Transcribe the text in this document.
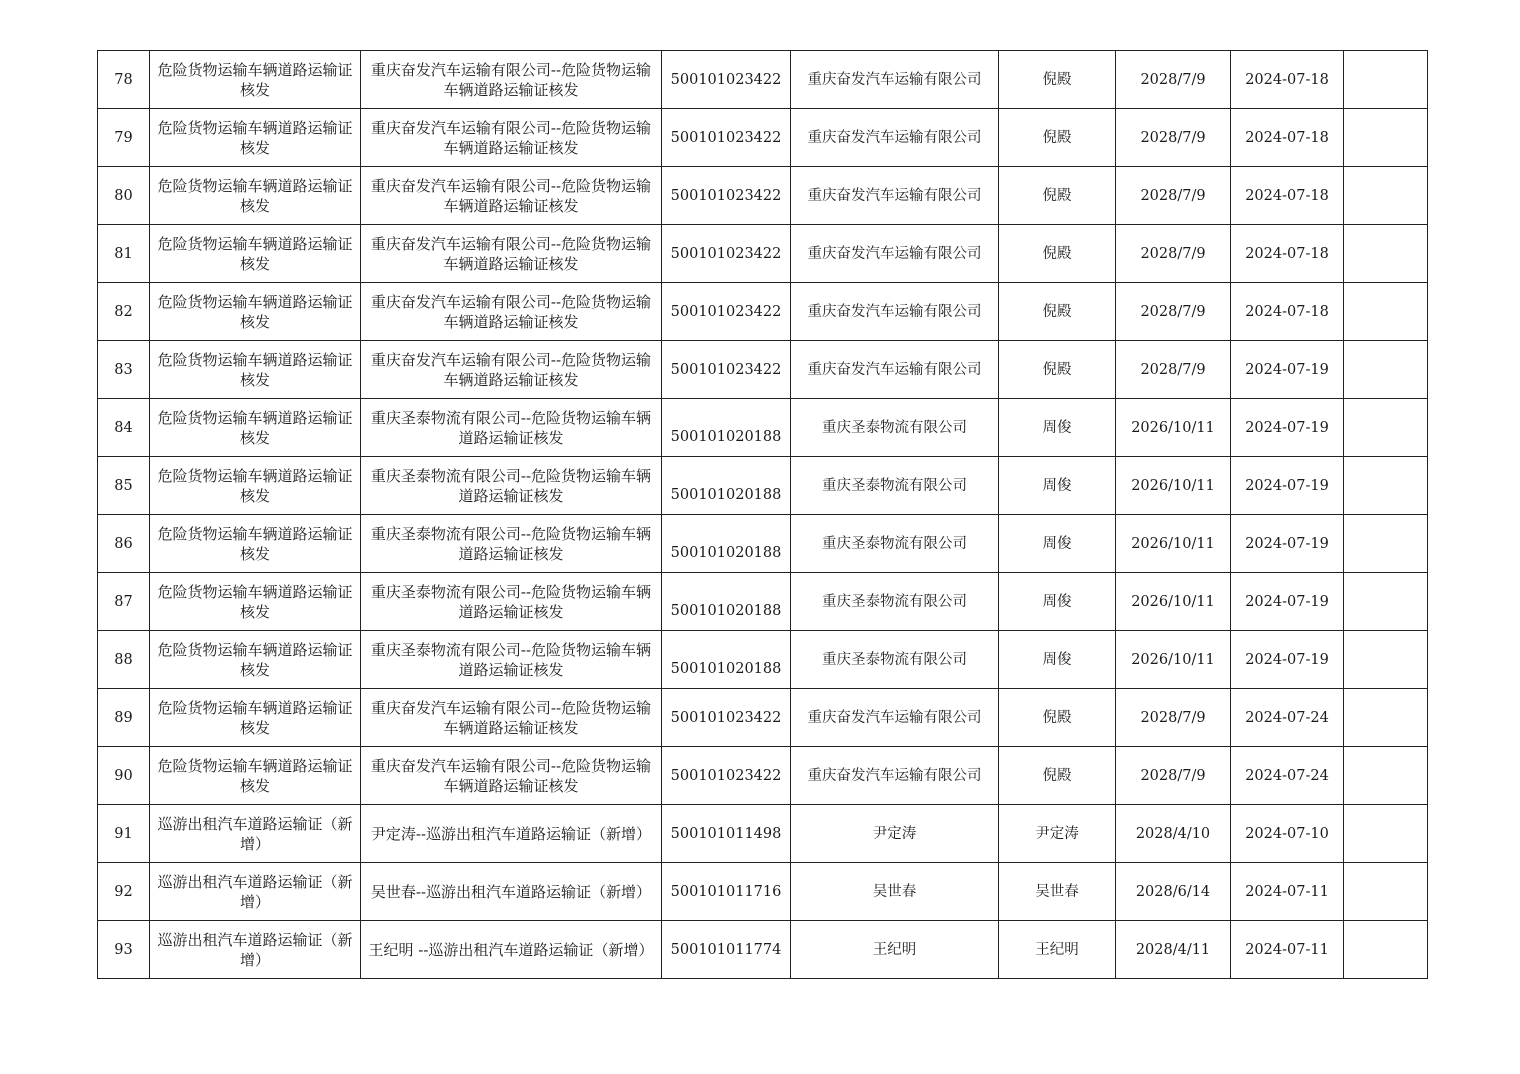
78	危险货物运输车辆道路运输证核发	重庆奋发汽车运输有限公司--危险货物运输车辆道路运输证核发	500101023422	重庆奋发汽车运输有限公司	倪殿	2028/7/9	2024-07-18	
79	危险货物运输车辆道路运输证核发	重庆奋发汽车运输有限公司--危险货物运输车辆道路运输证核发	500101023422	重庆奋发汽车运输有限公司	倪殿	2028/7/9	2024-07-18	
80	危险货物运输车辆道路运输证核发	重庆奋发汽车运输有限公司--危险货物运输车辆道路运输证核发	500101023422	重庆奋发汽车运输有限公司	倪殿	2028/7/9	2024-07-18	
81	危险货物运输车辆道路运输证核发	重庆奋发汽车运输有限公司--危险货物运输车辆道路运输证核发	500101023422	重庆奋发汽车运输有限公司	倪殿	2028/7/9	2024-07-18	
82	危险货物运输车辆道路运输证核发	重庆奋发汽车运输有限公司--危险货物运输车辆道路运输证核发	500101023422	重庆奋发汽车运输有限公司	倪殿	2028/7/9	2024-07-18	
83	危险货物运输车辆道路运输证核发	重庆奋发汽车运输有限公司--危险货物运输车辆道路运输证核发	500101023422	重庆奋发汽车运输有限公司	倪殿	2028/7/9	2024-07-19	
84	危险货物运输车辆道路运输证核发	重庆圣泰物流有限公司--危险货物运输车辆道路运输证核发	500101020188	重庆圣泰物流有限公司	周俊	2026/10/11	2024-07-19	
85	危险货物运输车辆道路运输证核发	重庆圣泰物流有限公司--危险货物运输车辆道路运输证核发	500101020188	重庆圣泰物流有限公司	周俊	2026/10/11	2024-07-19	
86	危险货物运输车辆道路运输证核发	重庆圣泰物流有限公司--危险货物运输车辆道路运输证核发	500101020188	重庆圣泰物流有限公司	周俊	2026/10/11	2024-07-19	
87	危险货物运输车辆道路运输证核发	重庆圣泰物流有限公司--危险货物运输车辆道路运输证核发	500101020188	重庆圣泰物流有限公司	周俊	2026/10/11	2024-07-19	
88	危险货物运输车辆道路运输证核发	重庆圣泰物流有限公司--危险货物运输车辆道路运输证核发	500101020188	重庆圣泰物流有限公司	周俊	2026/10/11	2024-07-19	
89	危险货物运输车辆道路运输证核发	重庆奋发汽车运输有限公司--危险货物运输车辆道路运输证核发	500101023422	重庆奋发汽车运输有限公司	倪殿	2028/7/9	2024-07-24	
90	危险货物运输车辆道路运输证核发	重庆奋发汽车运输有限公司--危险货物运输车辆道路运输证核发	500101023422	重庆奋发汽车运输有限公司	倪殿	2028/7/9	2024-07-24	
91	巡游出租汽车道路运输证（新增）	尹定涛--巡游出租汽车道路运输证（新增）	500101011498	尹定涛	尹定涛	2028/4/10	2024-07-10	
92	巡游出租汽车道路运输证（新增）	吴世春--巡游出租汽车道路运输证（新增）	500101011716	吴世春	吴世春	2028/6/14	2024-07-11	
93	巡游出租汽车道路运输证（新增）	王纪明 --巡游出租汽车道路运输证（新增）	500101011774	王纪明	王纪明	2028/4/11	2024-07-11	
